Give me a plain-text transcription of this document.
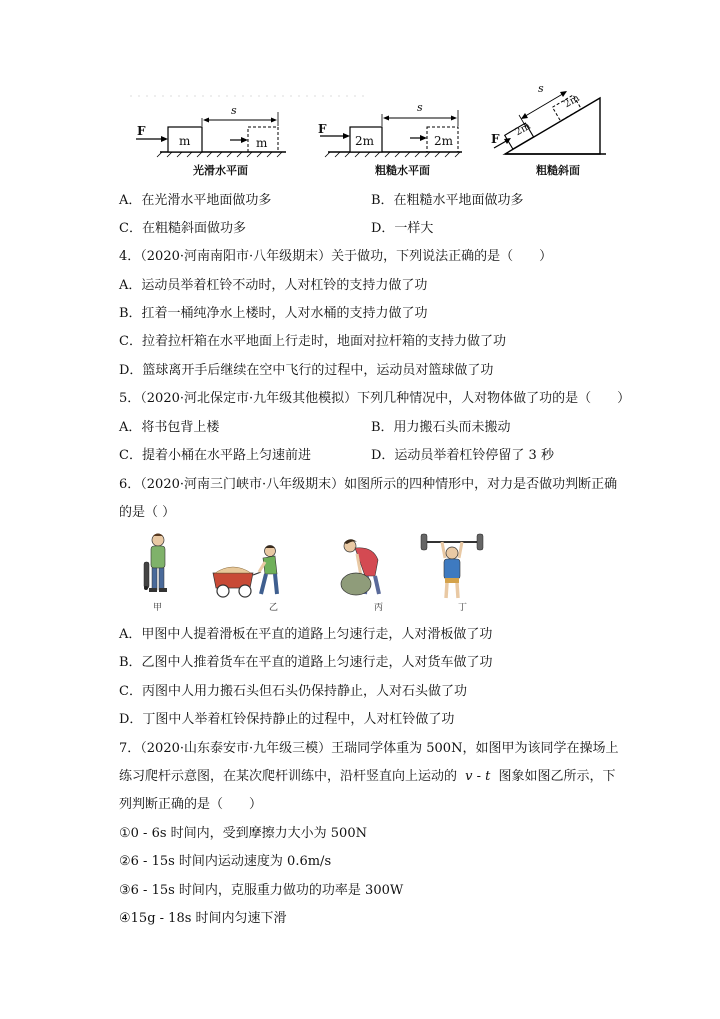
F
m	m
s
光滑水平面
F
2m	2m
s
粗糙水平面
F
2m
2m
s
粗糙斜面
A．在光滑水平地面做功多	B．在粗糙水平地面做功多
C．在粗糙斜面做功多	D．一样大
4．（2020·河南南阳市·八年级期末）关于做功，下列说法正确的是（　　）
A．运动员举着杠铃不动时，人对杠铃的支持力做了功
B．扛着一桶纯净水上楼时，人对水桶的支持力做了功
C．拉着拉杆箱在水平地面上行走时，地面对拉杆箱的支持力做了功
D．篮球离开手后继续在空中飞行的过程中，运动员对篮球做了功
5．（2020·河北保定市·九年级其他模拟）下列几种情况中，人对物体做了功的是（　　）
A．将书包背上楼	B．用力搬石头而未搬动
C．提着小桶在水平路上匀速前进	D．运动员举着杠铃停留了 3 秒
6．（2020·河南三门峡市·八年级期末）如图所示的四种情形中，对力是否做功判断正确
的是（ ）
甲	乙	丙	丁
A．甲图中人提着滑板在平直的道路上匀速行走，人对滑板做了功
B．乙图中人推着货车在平直的道路上匀速行走，人对货车做了功
C．丙图中人用力搬石头但石头仍保持静止，人对石头做了功
D．丁图中人举着杠铃保持静止的过程中，人对杠铃做了功
7．（2020·山东泰安市·九年级三模）王瑞同学体重为 500N，如图甲为该同学在操场上
练习爬杆示意图，在某次爬杆训练中，沿杆竖直向上运动的 v - t 图象如图乙所示，下
列判断正确的是（　　）
①0 - 6s 时间内，受到摩擦力大小为 500N
②6 - 15s 时间内运动速度为 0.6m/s
③6 - 15s 时间内，克服重力做功的功率是 300W
④15g - 18s 时间内匀速下滑
